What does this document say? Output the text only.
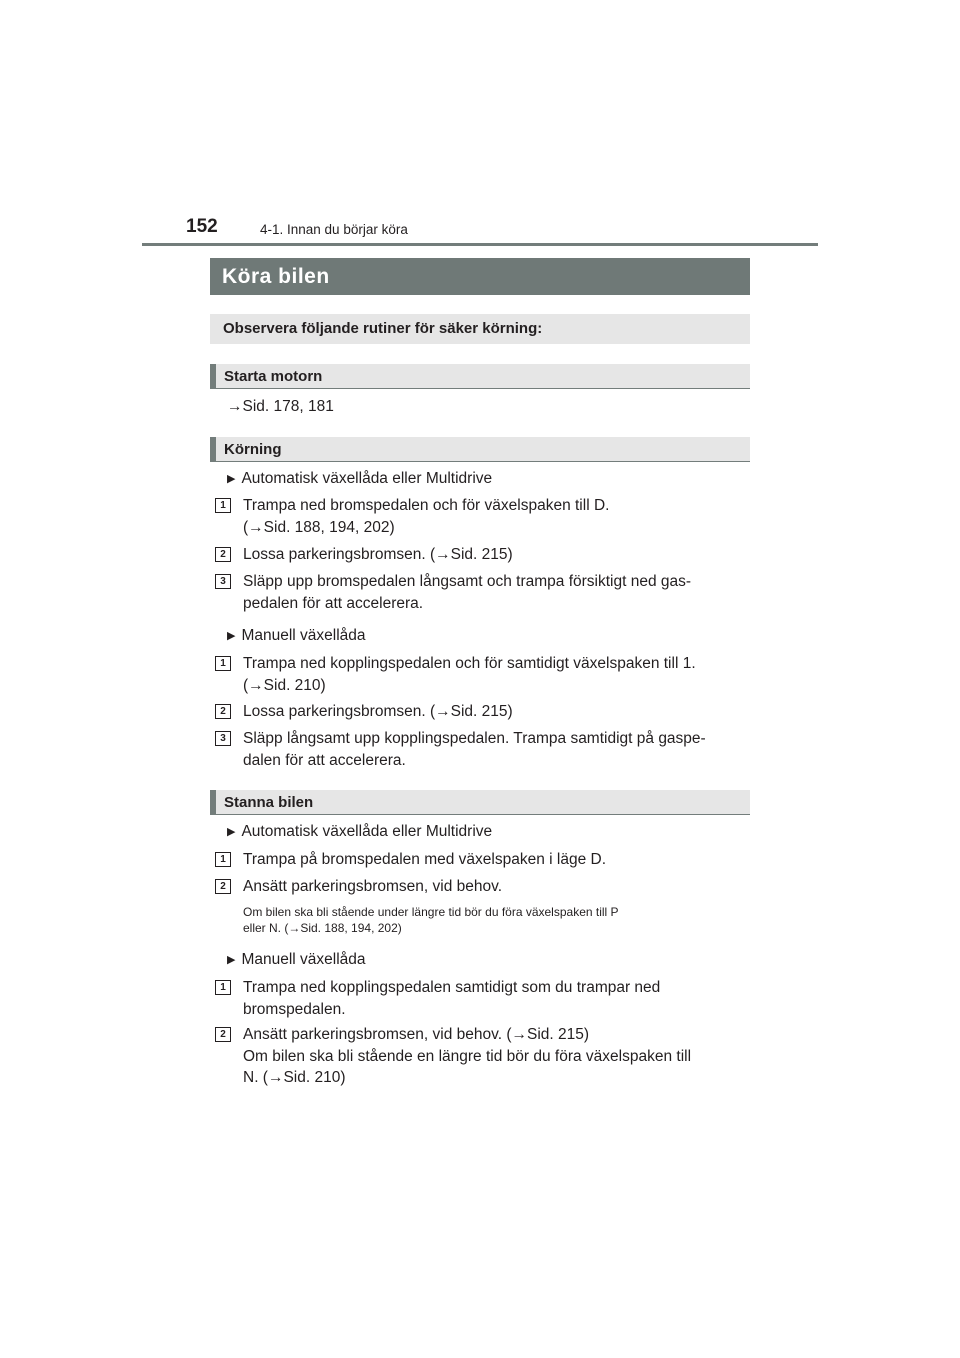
152	4-1. Innan du börjar köra
Köra bilen
Observera följande rutiner för säker körning:
Starta motorn
→Sid. 178, 181
Körning
▶ Automatisk växellåda eller Multidrive
1	Trampa ned bromspedalen och för växelspaken till D.
(→Sid. 188, 194, 202)
2	Lossa parkeringsbromsen. (→Sid. 215)
3	Släpp upp bromspedalen långsamt och trampa försiktigt ned gas-
pedalen för att accelerera.
▶ Manuell växellåda
1	Trampa ned kopplingspedalen och för samtidigt växelspaken till 1.
(→Sid. 210)
2	Lossa parkeringsbromsen. (→Sid. 215)
3	Släpp långsamt upp kopplingspedalen. Trampa samtidigt på gaspe-
dalen för att accelerera.
Stanna bilen
▶ Automatisk växellåda eller Multidrive
1	Trampa på bromspedalen med växelspaken i läge D.
2	Ansätt parkeringsbromsen, vid behov.
Om bilen ska bli stående under längre tid bör du föra växelspaken till P
eller N. (→Sid. 188, 194, 202)
▶ Manuell växellåda
1	Trampa ned kopplingspedalen samtidigt som du trampar ned
bromspedalen.
2	Ansätt parkeringsbromsen, vid behov. (→Sid. 215)
Om bilen ska bli stående en längre tid bör du föra växelspaken till
N. (→Sid. 210)
